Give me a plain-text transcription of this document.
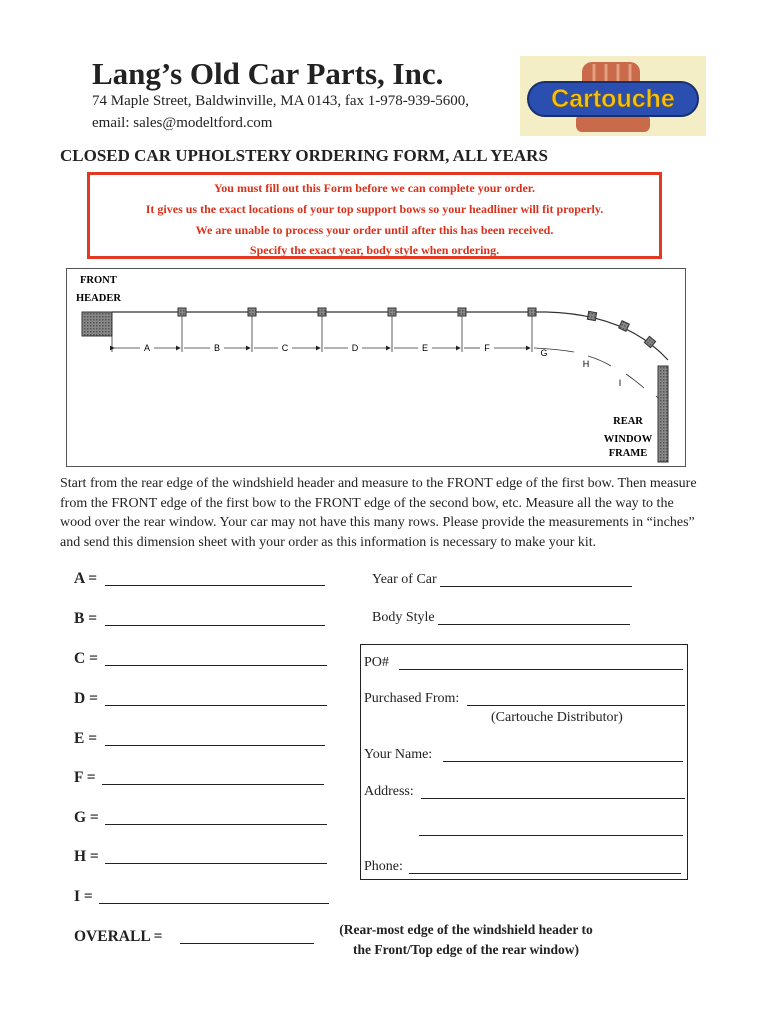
Lang’s Old Car Parts, Inc.
74 Maple Street, Baldwinville, MA 0143, fax 1-978-939-5600,
email: sales@modeltford.com
Cartouche
CLOSED CAR UPHOLSTERY ORDERING FORM, ALL YEARS
You must fill out this Form before we can complete your order.
It gives us the exact locations of your top support bows so your headliner will fit properly.
We are unable to process your order until after this has been received.
Specify the exact year, body style when ordering.
FRONT
HEADER
A	B	C	D	E	F	G
H
I
REAR
WINDOW
FRAME
Start from the rear edge of the windshield header and measure to the FRONT edge of the first bow. Then measure from the FRONT edge of the first bow to the FRONT edge of the second bow, etc. Measure all the way to the wood over the rear window. Your car may not have this many rows. Please provide the measurements in “inches” and send this dimension sheet with your order as this information is necessary to make your kit.
A =
B =
C =
D =
E =
F =
G =
H =
I =
Year of Car
Body Style
PO#
Purchased From:
(Cartouche Distributor)
Your Name:
Address:
Phone:
OVERALL =	(Rear-most edge of the windshield header to
the Front/Top edge of the rear window)
